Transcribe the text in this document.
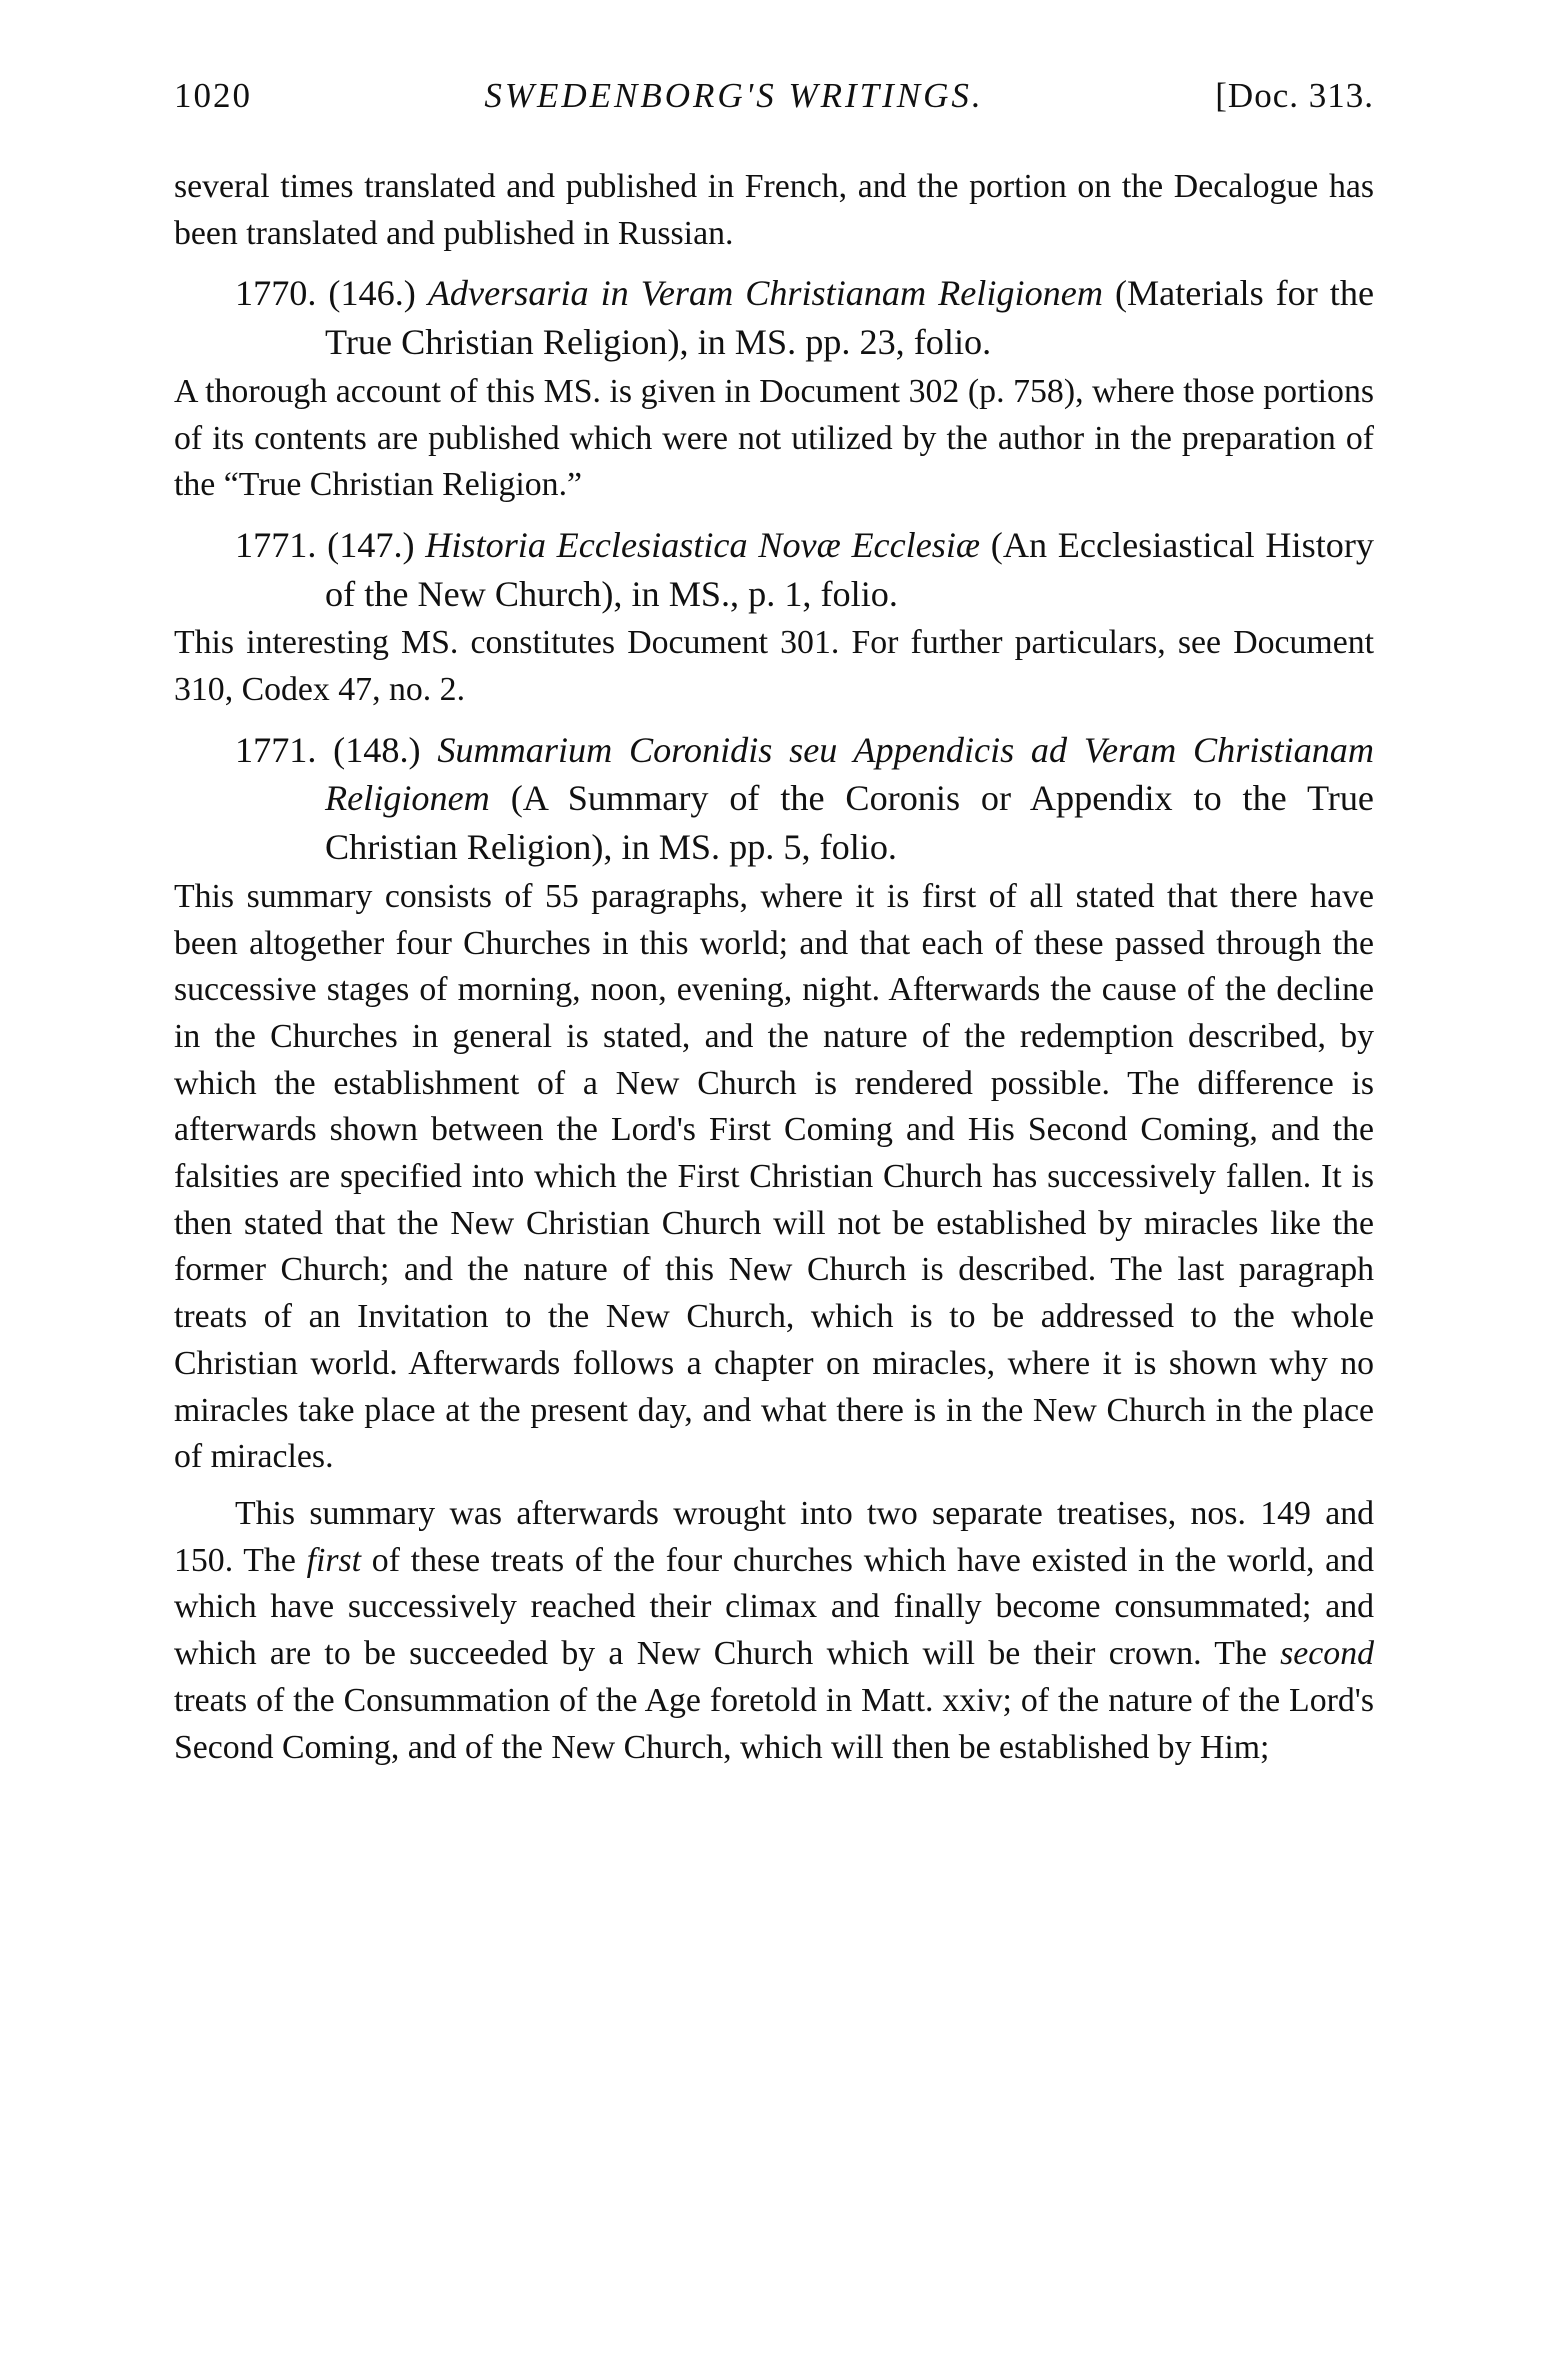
1020	SWEDENBORG'S WRITINGS.	[Doc. 313.

several times translated and published in French, and the portion on the Decalogue has been translated and published in Russian.

1770. (146.) Adversaria in Veram Christianam Religionem (Materials for the True Christian Religion), in MS. pp. 23, folio.

A thorough account of this MS. is given in Document 302 (p. 758), where those portions of its contents are published which were not utilized by the author in the preparation of the “True Christian Religion.”

1771. (147.) Historia Ecclesiastica Novæ Ecclesiæ (An Ecclesiastical History of the New Church), in MS., p. 1, folio.

This interesting MS. constitutes Document 301. For further particulars, see Document 310, Codex 47, no. 2.

1771. (148.) Summarium Coronidis seu Appendicis ad Veram Christianam Religionem (A Summary of the Coronis or Appendix to the True Christian Religion), in MS. pp. 5, folio.

This summary consists of 55 paragraphs, where it is first of all stated that there have been altogether four Churches in this world; and that each of these passed through the successive stages of morning, noon, evening, night. Afterwards the cause of the decline in the Churches in general is stated, and the nature of the redemption described, by which the establishment of a New Church is rendered possible. The difference is afterwards shown between the Lord's First Coming and His Second Coming, and the falsities are specified into which the First Christian Church has successively fallen. It is then stated that the New Christian Church will not be established by miracles like the former Church; and the nature of this New Church is described. The last paragraph treats of an Invitation to the New Church, which is to be addressed to the whole Christian world. Afterwards follows a chapter on miracles, where it is shown why no miracles take place at the present day, and what there is in the New Church in the place of miracles.

This summary was afterwards wrought into two separate treatises, nos. 149 and 150. The first of these treats of the four churches which have existed in the world, and which have successively reached their climax and finally become consummated; and which are to be succeeded by a New Church which will be their crown. The second treats of the Consummation of the Age foretold in Matt. xxiv; of the nature of the Lord's Second Coming, and of the New Church, which will then be established by Him;
